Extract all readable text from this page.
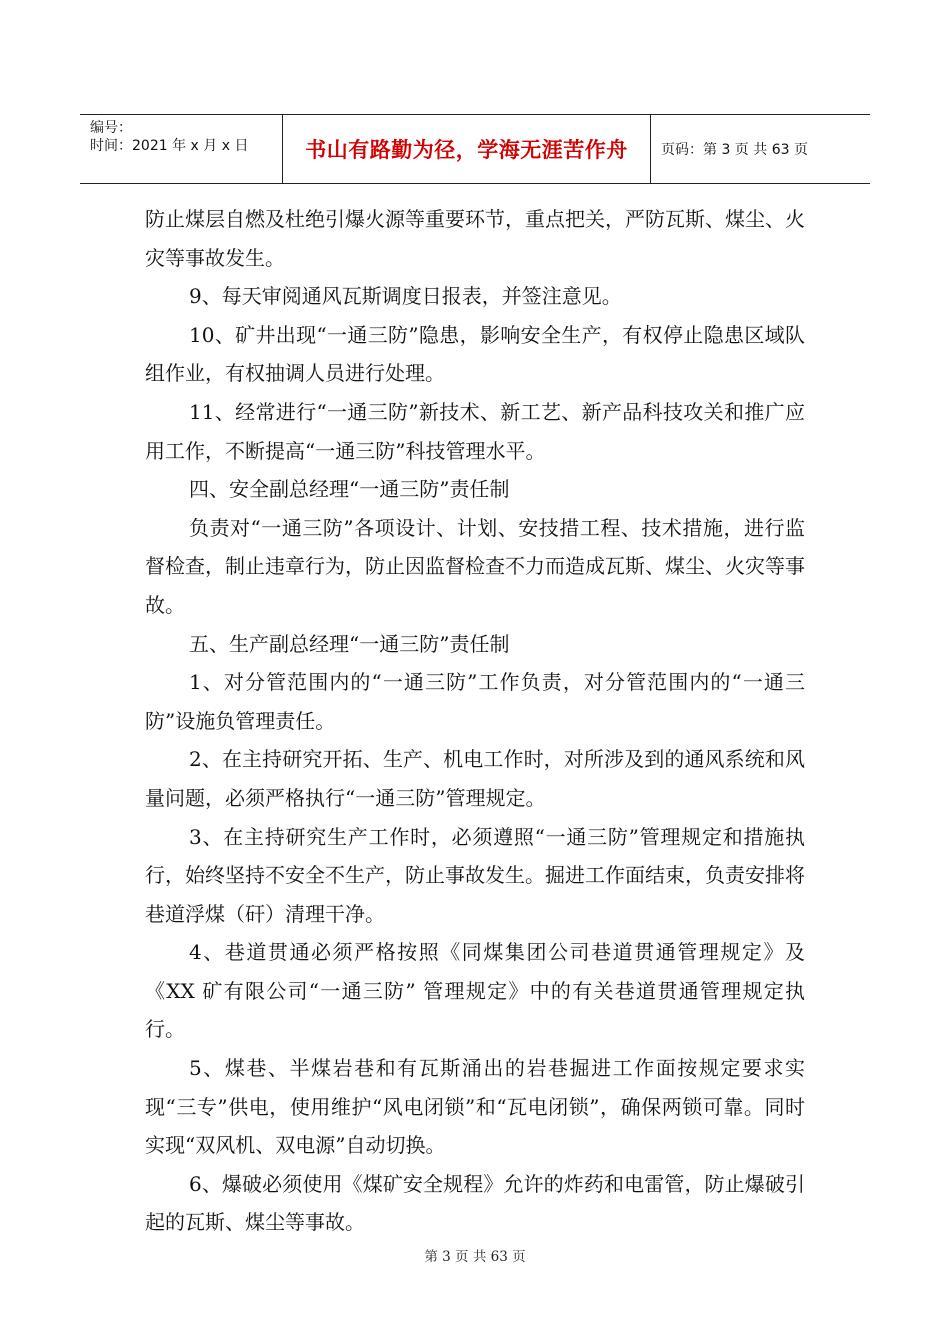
编号：
时间：2021 年 x 月 x 日	书山有路勤为径，学海无涯苦作舟 页码：第 3 页 共 63 页

防止煤层自燃及杜绝引爆火源等重要环节，重点把关，严防瓦斯、煤尘、火灾等事故发生。

9、每天审阅通风瓦斯调度日报表，并签注意见。

10、矿井出现“一通三防”隐患，影响安全生产，有权停止隐患区域队组作业，有权抽调人员进行处理。

11、经常进行“一通三防”新技术、新工艺、新产品科技攻关和推广应用工作，不断提高“一通三防”科技管理水平。

四、安全副总经理“一通三防”责任制

负责对“一通三防”各项设计、计划、安技措工程、技术措施，进行监督检查，制止违章行为，防止因监督检查不力而造成瓦斯、煤尘、火灾等事故。

五、生产副总经理“一通三防”责任制

1、对分管范围内的“一通三防”工作负责，对分管范围内的“一通三防”设施负管理责任。

2、在主持研究开拓、生产、机电工作时，对所涉及到的通风系统和风量问题，必须严格执行“一通三防”管理规定。

3、在主持研究生产工作时，必须遵照“一通三防”管理规定和措施执行，始终坚持不安全不生产，防止事故发生。掘进工作面结束，负责安排将巷道浮煤（矸）清理干净。

4、巷道贯通必须严格按照《同煤集团公司巷道贯通管理规定》及《XX 矿有限公司“一通三防” 管理规定》中的有关巷道贯通管理规定执行。

5、煤巷、半煤岩巷和有瓦斯涌出的岩巷掘进工作面按规定要求实现“三专”供电，使用维护“风电闭锁”和“瓦电闭锁”，确保两锁可靠。同时实现“双风机、双电源”自动切换。

6、爆破必须使用《煤矿安全规程》允许的炸药和电雷管，防止爆破引起的瓦斯、煤尘等事故。

第 3 页 共 63 页
